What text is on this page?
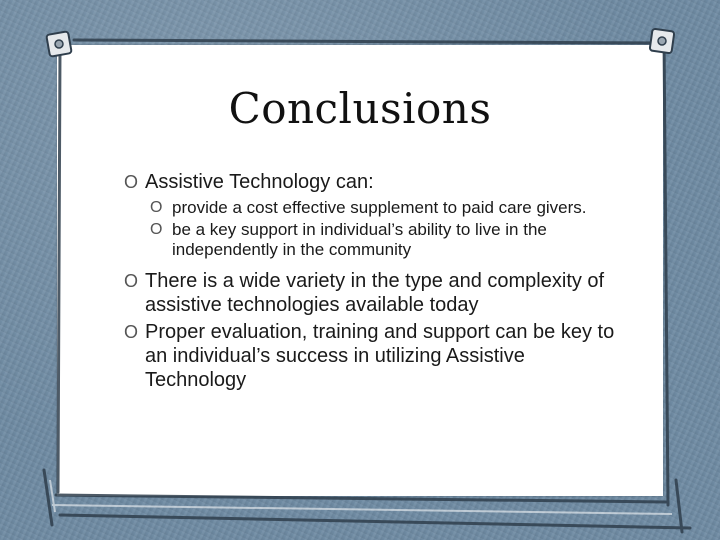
Conclusions
O Assistive Technology can:
O provide a cost effective supplement to paid care givers.
O be a key support in individual’s ability to live in the independently in the community
O There is a wide variety in the type and complexity of assistive technologies available today
O Proper evaluation, training and support can be key to an individual’s success in utilizing Assistive Technology
